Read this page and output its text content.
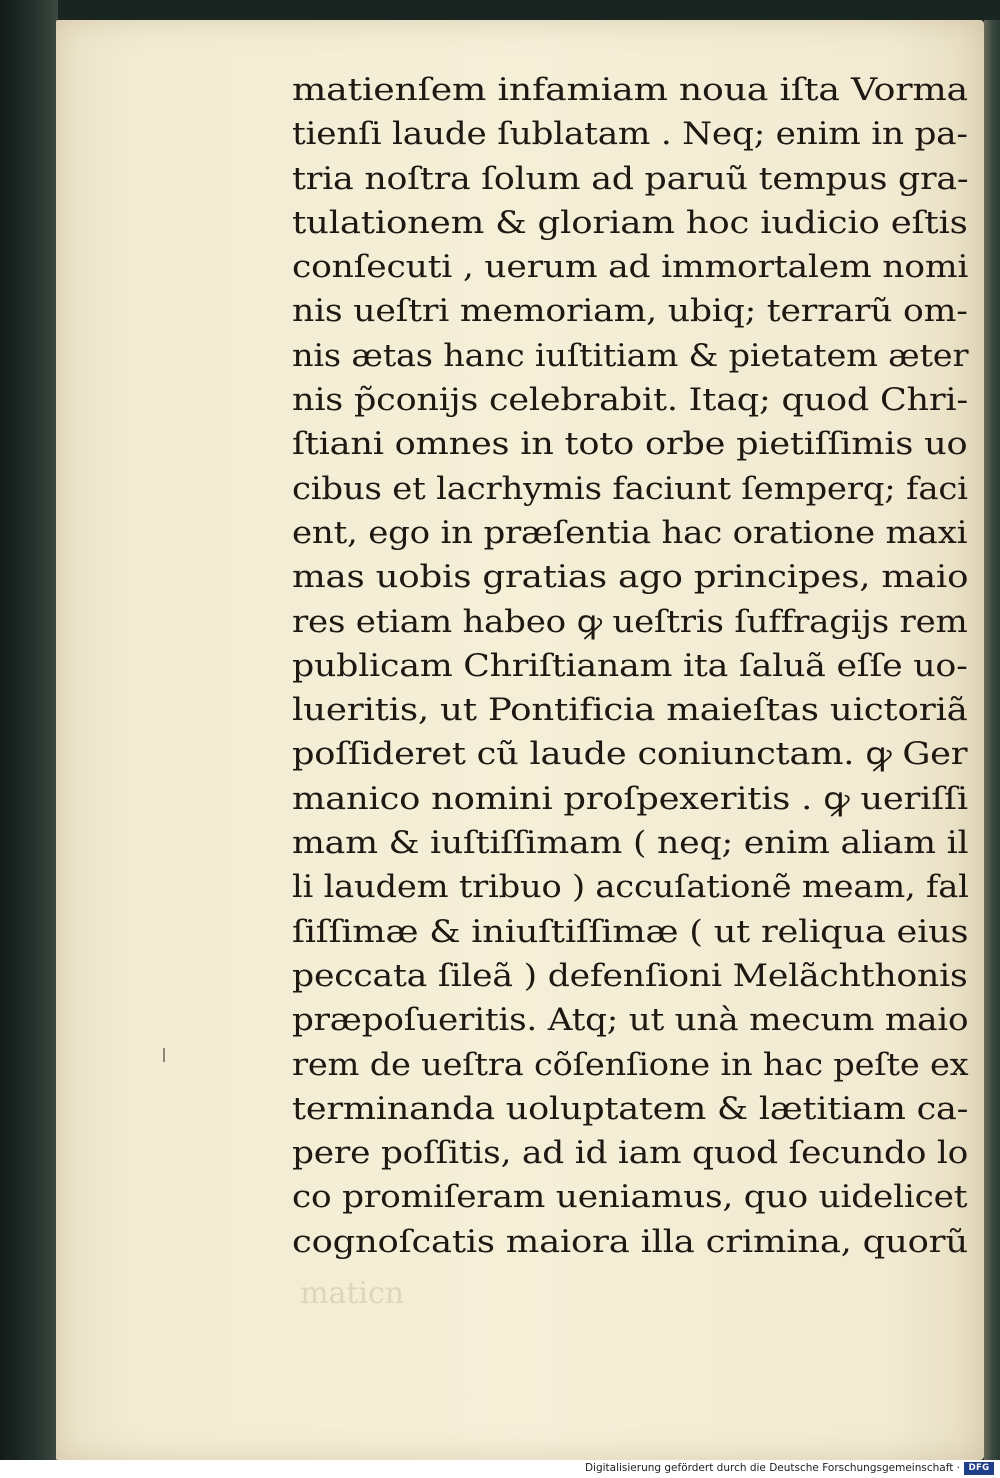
matienſem infamiam noua iſta Vorma
tienſi laude ſublatam . Neq; enim in pa‑
tria noſtra ſolum ad paruũ tempus gra‑
tulationem & gloriam hoc iudicio eſtis
conſecuti , uerum ad immortalem nomi
nis ueſtri memoriam, ubiq; terrarũ om‑
nis ætas hanc iuſtitiam & pietatem æter
nis p̃conijs celebrabit. Itaq; quod Chri‑
ſtiani omnes in toto orbe pietiſſimis uo
cibus et lacrhymis faciunt ſemperq; faci
ent, ego in præſentia hac oratione maxi
mas uobis gratias ago principes, maio
res etiam habeo ꝙ ueſtris ſuffragijs rem
publicam Chriſtianam ita ſaluã eſſe uo‑
lueritis, ut Pontificia maieſtas uictoriã
poſſideret cũ laude coniunctam. ꝙ Ger
manico nomini proſpexeritis . ꝙ ueriſſi
mam & iuſtiſſimam ( neq; enim aliam il
li laudem tribuo ) accuſationẽ meam, fal
ſiſſimæ & iniuſtiſſimæ ( ut reliqua eius
peccata ſileã ) defenſioni Melãchthonis
præpoſueritis. Atq; ut unà mecum maio
rem de ueſtra cõſenſione in hac peſte ex
terminanda uoluptatem & lætitiam ca‑
pere poſſitis, ad id iam quod ſecundo lo
co promiſeram ueniamus, quo uidelicet
cognoſcatis maiora illa crimina, quorũ
maticn
Digitalisierung gefördert durch die Deutsche Forschungsgemeinschaft ·	DFG
